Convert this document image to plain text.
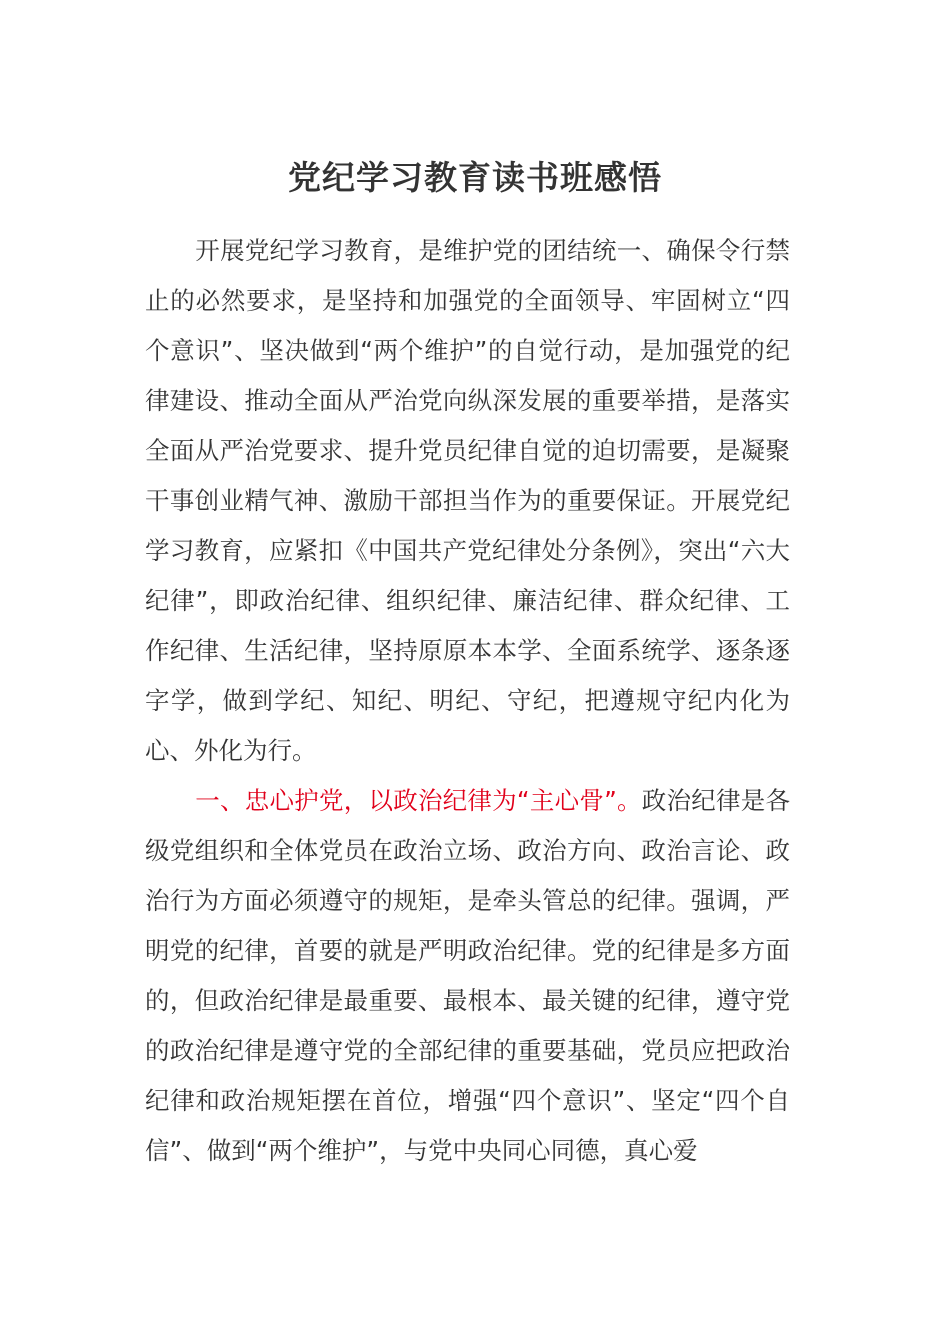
党纪学习教育读书班感悟

开展党纪学习教育，是维护党的团结统一、确保令行禁止的必然要求，是坚持和加强党的全面领导、牢固树立“四个意识”、坚决做到“两个维护”的自觉行动，是加强党的纪律建设、推动全面从严治党向纵深发展的重要举措，是落实全面从严治党要求、提升党员纪律自觉的迫切需要，是凝聚干事创业精气神、激励干部担当作为的重要保证。开展党纪学习教育，应紧扣《中国共产党纪律处分条例》，突出“六大纪律”，即政治纪律、组织纪律、廉洁纪律、群众纪律、工作纪律、生活纪律，坚持原原本本学、全面系统学、逐条逐字学，做到学纪、知纪、明纪、守纪，把遵规守纪内化为心、外化为行。

一、忠心护党，以政治纪律为“主心骨”。政治纪律是各级党组织和全体党员在政治立场、政治方向、政治言论、政治行为方面必须遵守的规矩，是牵头管总的纪律。强调，严明党的纪律，首要的就是严明政治纪律。党的纪律是多方面的，但政治纪律是最重要、最根本、最关键的纪律，遵守党的政治纪律是遵守党的全部纪律的重要基础，党员应把政治纪律和政治规矩摆在首位，增强“四个意识”、坚定“四个自信”、做到“两个维护”，与党中央同心同德，真心爱
